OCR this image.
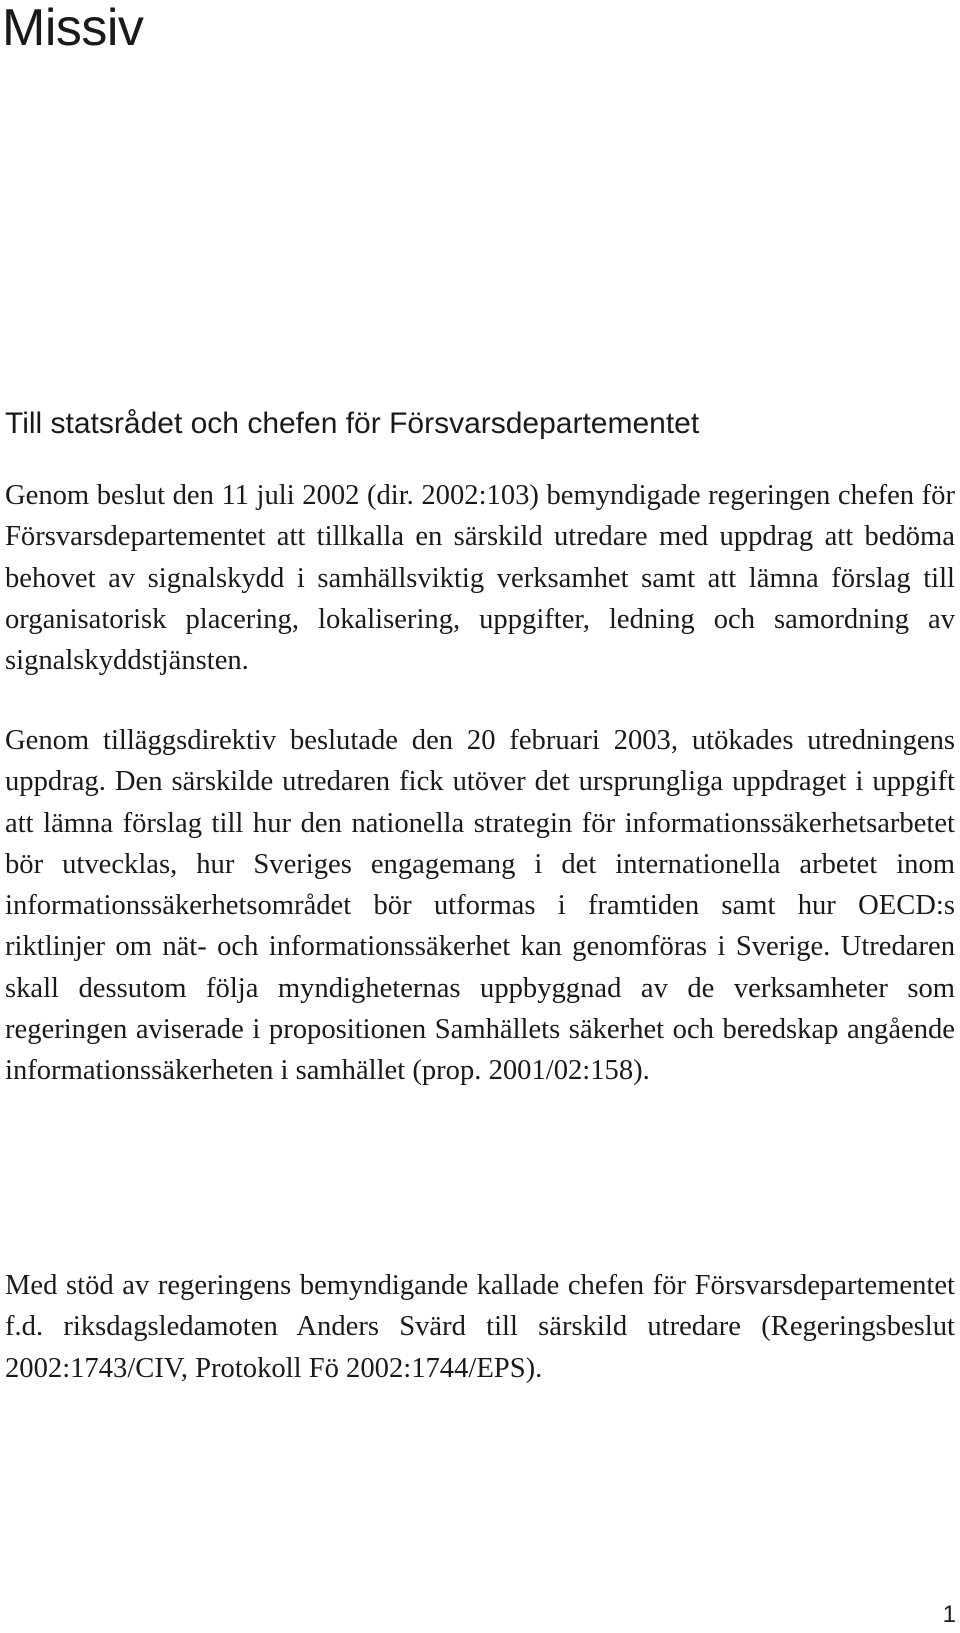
Missiv

Till statsrådet och chefen för Försvarsdepartementet

Genom beslut den 11 juli 2002 (dir. 2002:103) bemyndigade regeringen chefen för Försvarsdepartementet att tillkalla en särskild utredare med uppdrag att bedöma behovet av signalskydd i samhällsviktig verksamhet samt att lämna förslag till organisatorisk placering, lokalisering, uppgifter, ledning och samordning av signalskyddstjänsten.

Genom tilläggsdirektiv beslutade den 20 februari 2003, utökades utredningens uppdrag. Den särskilde utredaren fick utöver det ursprungliga uppdraget i uppgift att lämna förslag till hur den nationella strategin för informationssäkerhetsarbetet bör utvecklas, hur Sveriges engagemang i det internationella arbetet inom informationssäkerhetsområdet bör utformas i framtiden samt hur OECD:s riktlinjer om nät- och informationssäkerhet kan genomföras i Sverige. Utredaren skall dessutom följa myndigheternas uppbyggnad av de verksamheter som regeringen aviserade i propositionen Samhällets säkerhet och beredskap angående informationssäkerheten i samhället (prop. 2001/02:158).

Med stöd av regeringens bemyndigande kallade chefen för Försvarsdepartementet f.d. riksdagsledamoten Anders Svärd till särskild utredare (Regeringsbeslut 2002:1743/CIV, Protokoll Fö 2002:1744/EPS).

1
